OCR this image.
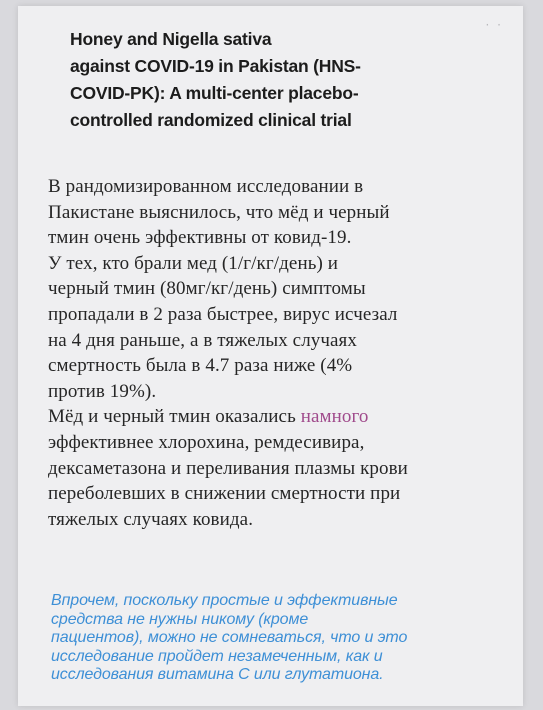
· ·
Honey and Nigella sativa
against COVID-19 in Pakistan (HNS-
COVID-PK): A multi-center placebo-
controlled randomized clinical trial
В рандомизированном исследовании в
Пакистане выяснилось, что мёд и черный
тмин очень эффективны от ковид-19.
У тех, кто брали мед (1/г/кг/день) и
черный тмин (80мг/кг/день) симптомы
пропадали в 2 раза быстрее, вирус исчезал
на 4 дня раньше, а в тяжелых случаях
смертность была в 4.7 раза ниже (4%
против 19%).
Мёд и черный тмин оказались намного
эффективнее хлорохина, ремдесивира,
дексаметазона и переливания плазмы крови
переболевших в снижении смертности при
тяжелых случаях ковида.
Впрочем, поскольку простые и эффективные
средства не нужны никому (кроме
пациентов), можно не сомневаться, что и это
исследование пройдет незамеченным, как и
исследования витамина С или глутатиона.
